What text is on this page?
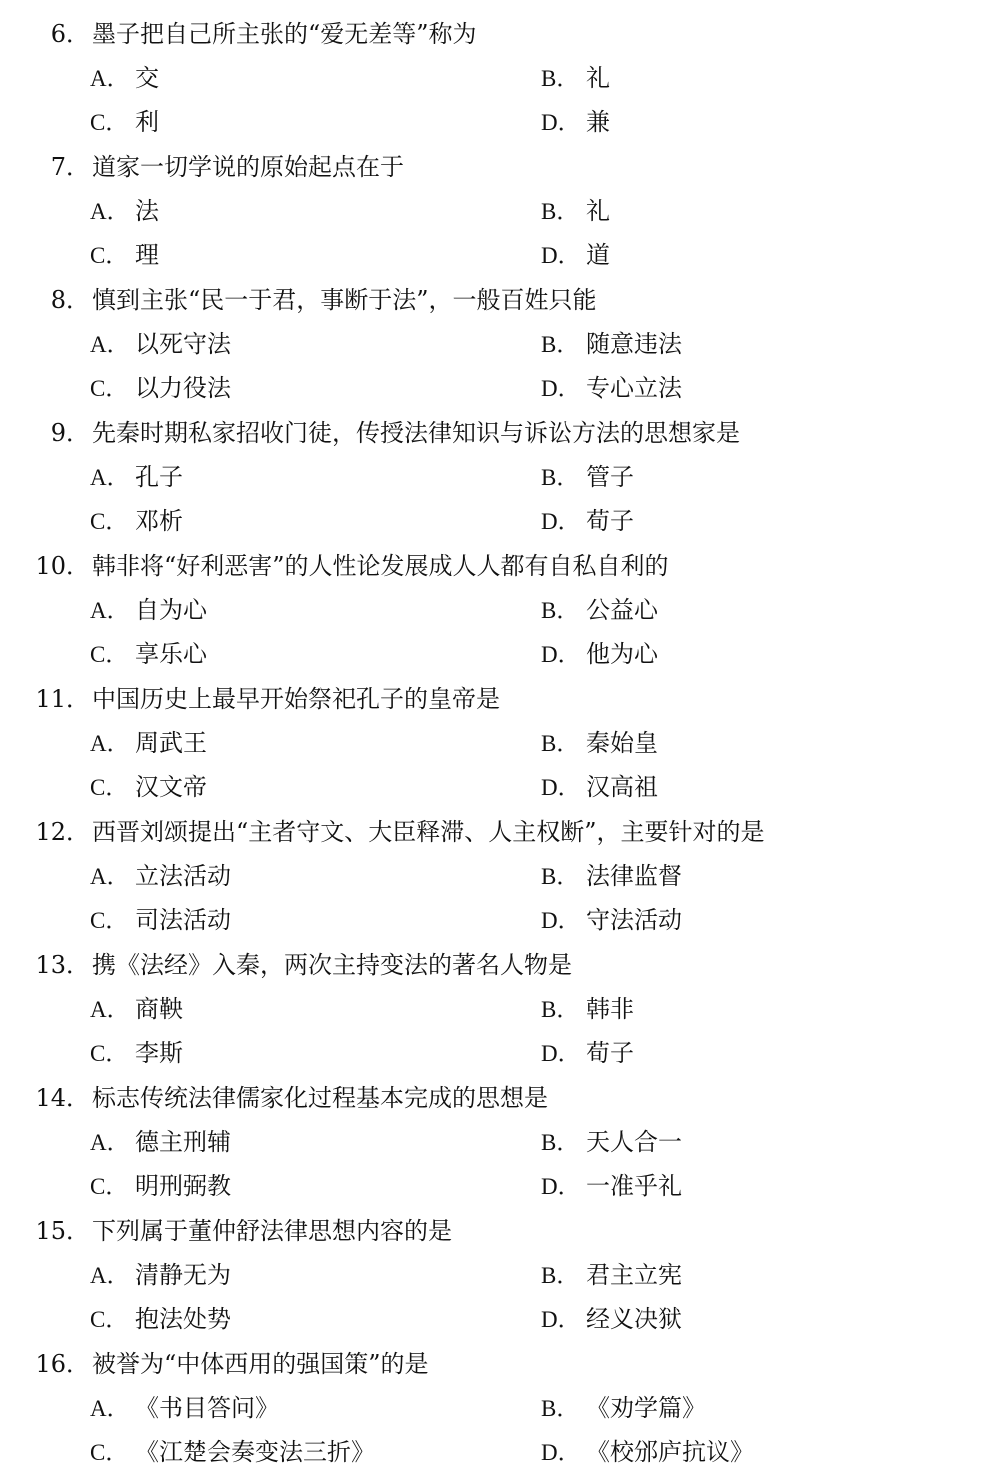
6．墨子把自己所主张的“爱无差等”称为
A． 交	B． 礼
C． 利	D． 兼
7．道家一切学说的原始起点在于
A． 法	B． 礼
C． 理	D． 道
8．慎到主张“民一于君，事断于法”，一般百姓只能
A． 以死守法	B． 随意违法
C． 以力役法	D． 专心立法
9．先秦时期私家招收门徒，传授法律知识与诉讼方法的思想家是
A． 孔子	B． 管子
C． 邓析	D． 荀子
10．韩非将“好利恶害”的人性论发展成人人都有自私自利的
A． 自为心	B． 公益心
C． 享乐心	D． 他为心
11．中国历史上最早开始祭祀孔子的皇帝是
A． 周武王	B． 秦始皇
C． 汉文帝	D． 汉高祖
12．西晋刘颂提出“主者守文、大臣释滞、人主权断”，主要针对的是
A． 立法活动	B． 法律监督
C． 司法活动	D． 守法活动
13．携《法经》入秦，两次主持变法的著名人物是
A． 商鞅	B． 韩非
C． 李斯	D． 荀子
14．标志传统法律儒家化过程基本完成的思想是
A． 德主刑辅	B． 天人合一
C． 明刑弼教	D． 一准乎礼
15．下列属于董仲舒法律思想内容的是
A． 清静无为	B． 君主立宪
C． 抱法处势	D． 经义决狱
16．被誉为“中体西用的强国策”的是
A． 《书目答问》	B． 《劝学篇》
C． 《江楚会奏变法三折》	D． 《校邠庐抗议》
